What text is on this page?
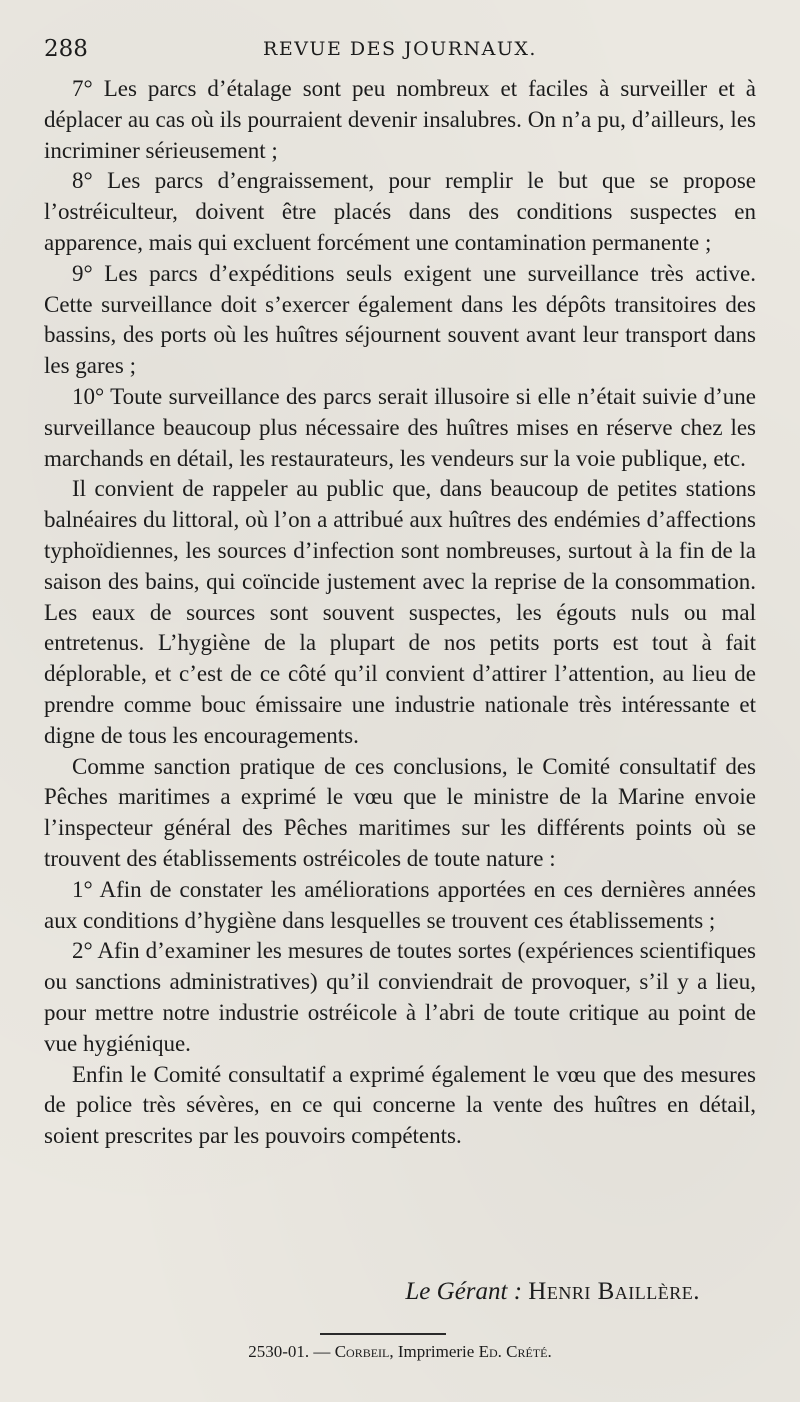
288	REVUE DES JOURNAUX.

7° Les parcs d’étalage sont peu nombreux et faciles à surveiller et à déplacer au cas où ils pourraient devenir insalubres. On n’a pu, d’ailleurs, les incriminer sérieusement ;

8° Les parcs d’engraissement, pour remplir le but que se propose l’ostréiculteur, doivent être placés dans des conditions suspectes en apparence, mais qui excluent forcément une contamination permanente ;

9° Les parcs d’expéditions seuls exigent une surveillance très active. Cette surveillance doit s’exercer également dans les dépôts transitoires des bassins, des ports où les huîtres séjournent souvent avant leur transport dans les gares ;

10° Toute surveillance des parcs serait illusoire si elle n’était suivie d’une surveillance beaucoup plus nécessaire des huîtres mises en réserve chez les marchands en détail, les restaurateurs, les vendeurs sur la voie publique, etc.

Il convient de rappeler au public que, dans beaucoup de petites stations balnéaires du littoral, où l’on a attribué aux huîtres des endémies d’affections typhoïdiennes, les sources d’infection sont nombreuses, surtout à la fin de la saison des bains, qui coïncide justement avec la reprise de la consommation. Les eaux de sources sont souvent suspectes, les égouts nuls ou mal entretenus. L’hygiène de la plupart de nos petits ports est tout à fait déplorable, et c’est de ce côté qu’il convient d’attirer l’attention, au lieu de prendre comme bouc émissaire une industrie nationale très intéressante et digne de tous les encouragements.

Comme sanction pratique de ces conclusions, le Comité consultatif des Pêches maritimes a exprimé le vœu que le ministre de la Marine envoie l’inspecteur général des Pêches maritimes sur les différents points où se trouvent des établissements ostréicoles de toute nature :

1° Afin de constater les améliorations apportées en ces dernières années aux conditions d’hygiène dans lesquelles se trouvent ces établissements ;

2° Afin d’examiner les mesures de toutes sortes (expériences scientifiques ou sanctions administratives) qu’il conviendrait de provoquer, s’il y a lieu, pour mettre notre industrie ostréicole à l’abri de toute critique au point de vue hygiénique.

Enfin le Comité consultatif a exprimé également le vœu que des mesures de police très sévères, en ce qui concerne la vente des huîtres en détail, soient prescrites par les pouvoirs compétents.

Le Gérant : Henri Baillère.
2530-01. — Corbeil, Imprimerie Ed. Crété.
